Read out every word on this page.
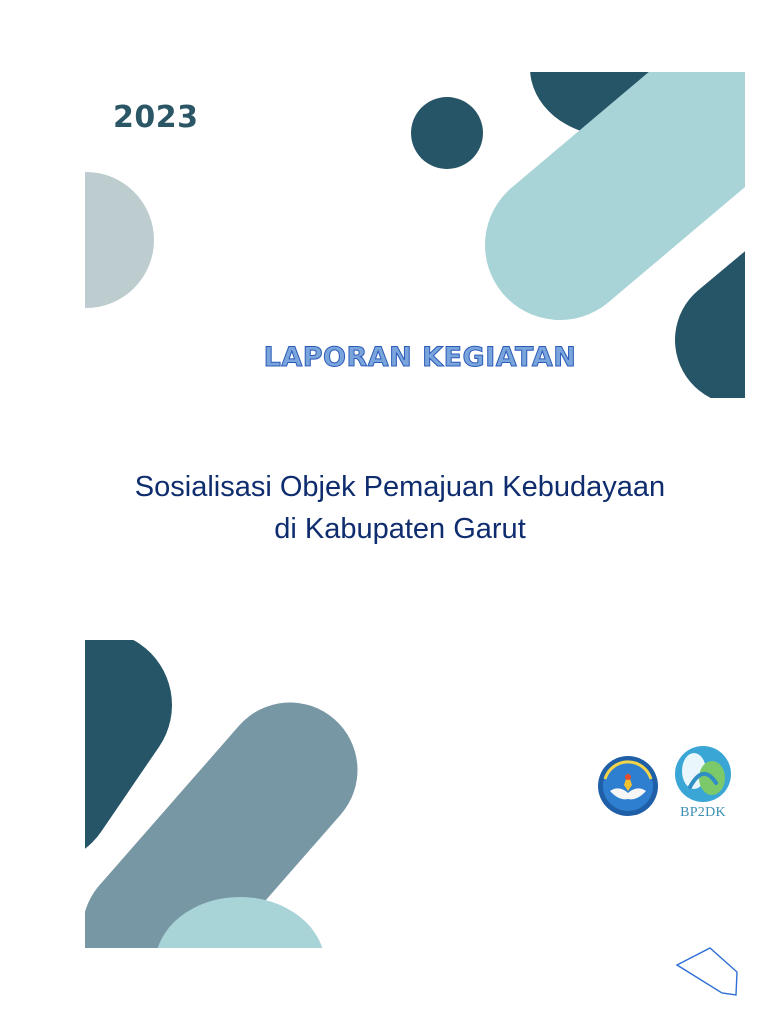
2023
LAPORAN KEGIATAN
Sosialisasi Objek Pemajuan Kebudayaan
di Kabupaten Garut
BP2DK
